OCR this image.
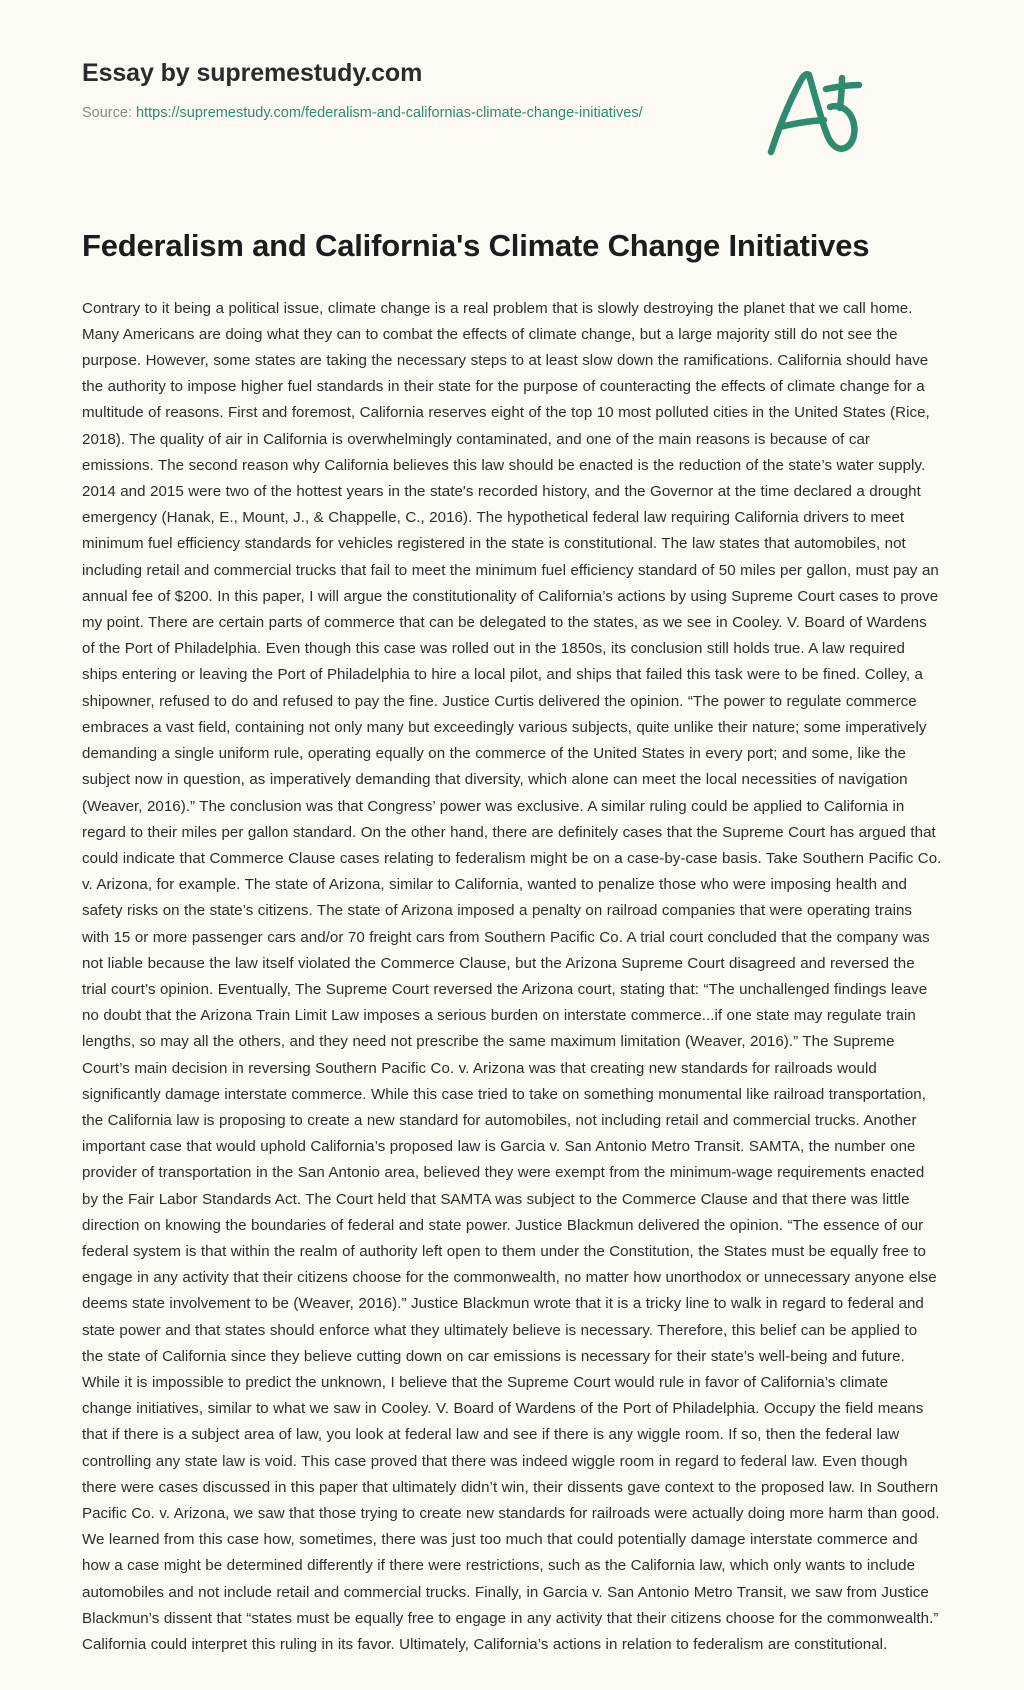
Essay by supremestudy.com
Source: https://supremestudy.com/federalism-and-californias-climate-change-initiatives/
Federalism and California's Climate Change Initiatives

Contrary to it being a political issue, climate change is a real problem that is slowly destroying the planet that we call home. Many Americans are doing what they can to combat the effects of climate change, but a large majority still do not see the purpose. However, some states are taking the necessary steps to at least slow down the ramifications. California should have the authority to impose higher fuel standards in their state for the purpose of counteracting the effects of climate change for a multitude of reasons. First and foremost, California reserves eight of the top 10 most polluted cities in the United States (Rice, 2018). The quality of air in California is overwhelmingly contaminated, and one of the main reasons is because of car emissions. The second reason why California believes this law should be enacted is the reduction of the state’s water supply. 2014 and 2015 were two of the hottest years in the state's recorded history, and the Governor at the time declared a drought emergency (Hanak, E., Mount, J., & Chappelle, C., 2016). The hypothetical federal law requiring California drivers to meet minimum fuel efficiency standards for vehicles registered in the state is constitutional. The law states that automobiles, not including retail and commercial trucks that fail to meet the minimum fuel efficiency standard of 50 miles per gallon, must pay an annual fee of $200. In this paper, I will argue the constitutionality of California’s actions by using Supreme Court cases to prove my point. There are certain parts of commerce that can be delegated to the states, as we see in Cooley. V. Board of Wardens of the Port of Philadelphia. Even though this case was rolled out in the 1850s, its conclusion still holds true. A law required ships entering or leaving the Port of Philadelphia to hire a local pilot, and ships that failed this task were to be fined. Colley, a shipowner, refused to do and refused to pay the fine. Justice Curtis delivered the opinion. “The power to regulate commerce embraces a vast field, containing not only many but exceedingly various subjects, quite unlike their nature; some imperatively demanding a single uniform rule, operating equally on the commerce of the United States in every port; and some, like the subject now in question, as imperatively demanding that diversity, which alone can meet the local necessities of navigation (Weaver, 2016).” The conclusion was that Congress’ power was exclusive. A similar ruling could be applied to California in regard to their miles per gallon standard. On the other hand, there are definitely cases that the Supreme Court has argued that could indicate that Commerce Clause cases relating to federalism might be on a case-by-case basis. Take Southern Pacific Co. v. Arizona, for example. The state of Arizona, similar to California, wanted to penalize those who were imposing health and safety risks on the state’s citizens. The state of Arizona imposed a penalty on railroad companies that were operating trains with 15 or more passenger cars and/or 70 freight cars from Southern Pacific Co. A trial court concluded that the company was not liable because the law itself violated the Commerce Clause, but the Arizona Supreme Court disagreed and reversed the trial court’s opinion. Eventually, The Supreme Court reversed the Arizona court, stating that: “The unchallenged findings leave no doubt that the Arizona Train Limit Law imposes a serious burden on interstate commerce...if one state may regulate train lengths, so may all the others, and they need not prescribe the same maximum limitation (Weaver, 2016).” The Supreme Court’s main decision in reversing Southern Pacific Co. v. Arizona was that creating new standards for railroads would significantly damage interstate commerce. While this case tried to take on something monumental like railroad transportation, the California law is proposing to create a new standard for automobiles, not including retail and commercial trucks. Another important case that would uphold California’s proposed law is Garcia v. San Antonio Metro Transit. SAMTA, the number one provider of transportation in the San Antonio area, believed they were exempt from the minimum-wage requirements enacted by the Fair Labor Standards Act. The Court held that SAMTA was subject to the Commerce Clause and that there was little direction on knowing the boundaries of federal and state power. Justice Blackmun delivered the opinion. “The essence of our federal system is that within the realm of authority left open to them under the Constitution, the States must be equally free to engage in any activity that their citizens choose for the commonwealth, no matter how unorthodox or unnecessary anyone else deems state involvement to be (Weaver, 2016).” Justice Blackmun wrote that it is a tricky line to walk in regard to federal and state power and that states should enforce what they ultimately believe is necessary. Therefore, this belief can be applied to the state of California since they believe cutting down on car emissions is necessary for their state’s well-being and future. While it is impossible to predict the unknown, I believe that the Supreme Court would rule in favor of California’s climate change initiatives, similar to what we saw in Cooley. V. Board of Wardens of the Port of Philadelphia. Occupy the field means that if there is a subject area of law, you look at federal law and see if there is any wiggle room. If so, then the federal law controlling any state law is void. This case proved that there was indeed wiggle room in regard to federal law. Even though there were cases discussed in this paper that ultimately didn’t win, their dissents gave context to the proposed law. In Southern Pacific Co. v. Arizona, we saw that those trying to create new standards for railroads were actually doing more harm than good. We learned from this case how, sometimes, there was just too much that could potentially damage interstate commerce and how a case might be determined differently if there were restrictions, such as the California law, which only wants to include automobiles and not include retail and commercial trucks. Finally, in Garcia v. San Antonio Metro Transit, we saw from Justice Blackmun’s dissent that “states must be equally free to engage in any activity that their citizens choose for the commonwealth.” California could interpret this ruling in its favor. Ultimately, California’s actions in relation to federalism are constitutional.
